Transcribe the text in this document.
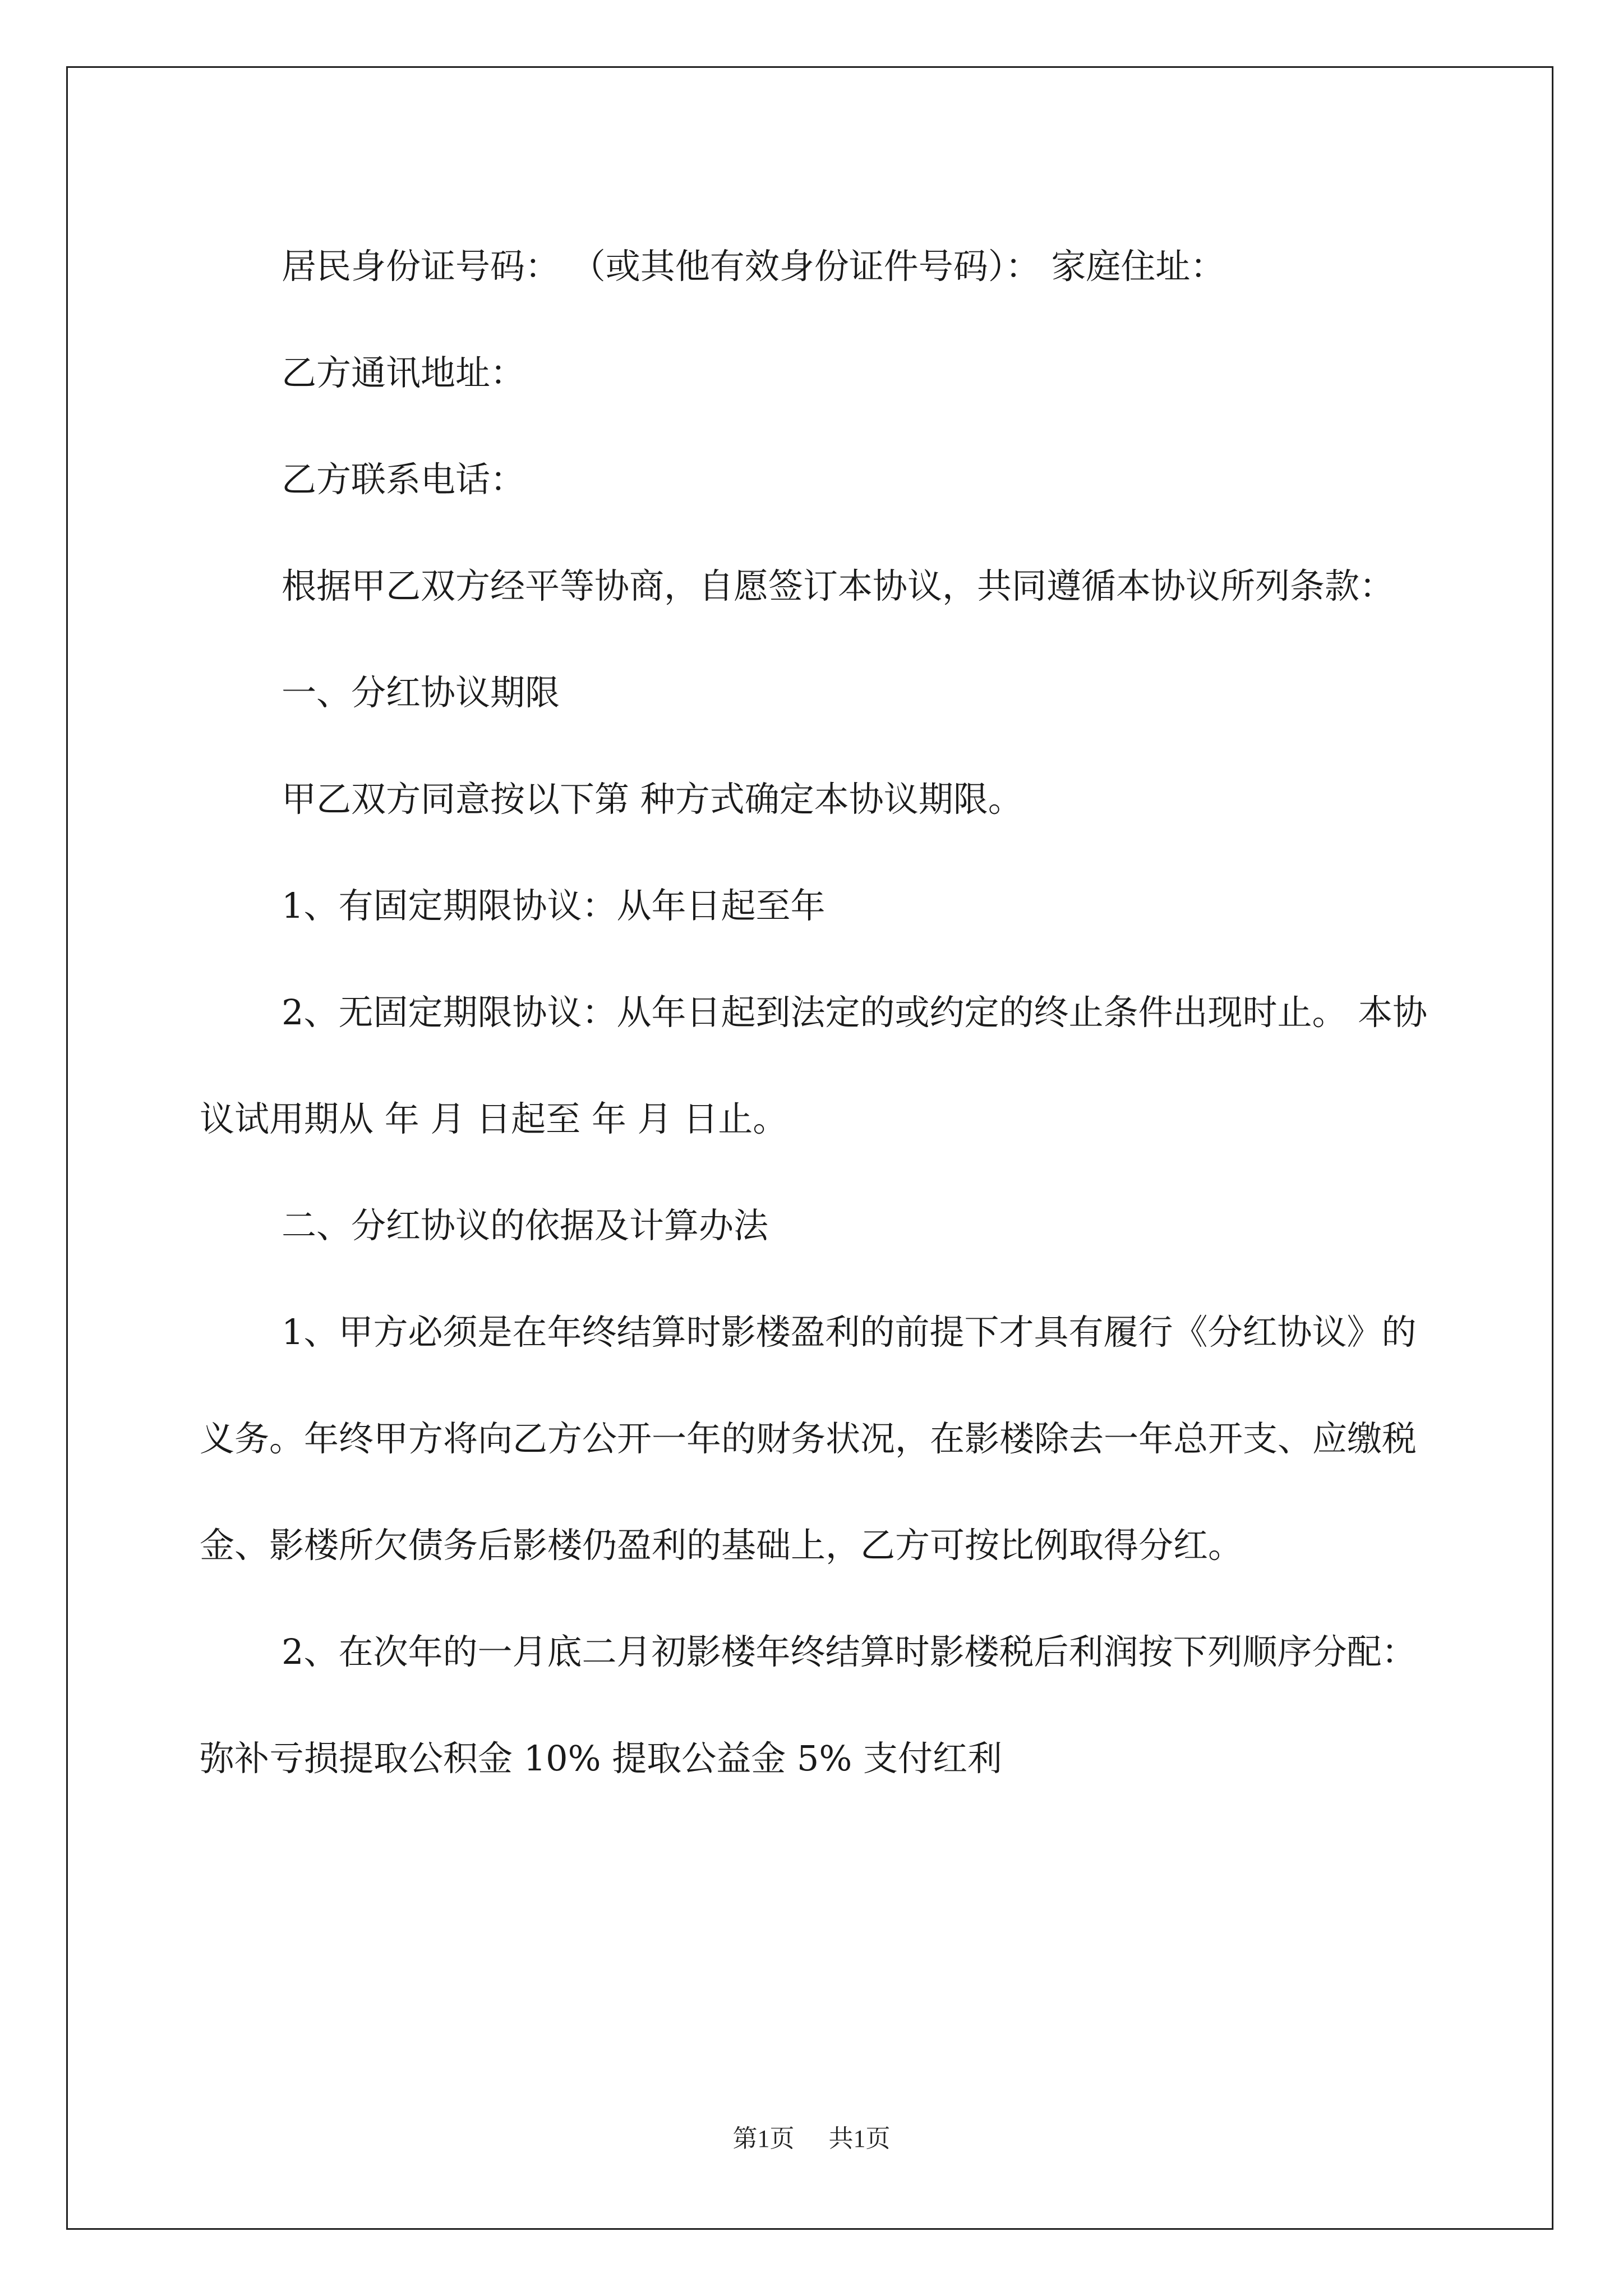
居民身份证号码： （或其他有效身份证件号码）： 家庭住址：

乙方通讯地址：

乙方联系电话：

根据甲乙双方经平等协商，自愿签订本协议，共同遵循本协议所列条款：

一、分红协议期限

甲乙双方同意按以下第 种方式确定本协议期限。

1、有固定期限协议：从年日起至年

2、无固定期限协议：从年日起到法定的或约定的终止条件出现时止。 本协议试用期从 年 月 日起至 年 月 日止。

二、分红协议的依据及计算办法

1、甲方必须是在年终结算时影楼盈利的前提下才具有履行《分红协议》的义务。年终甲方将向乙方公开一年的财务状况，在影楼除去一年总开支、应缴税金、影楼所欠债务后影楼仍盈利的基础上，乙方可按比例取得分红。

2、在次年的一月底二月初影楼年终结算时影楼税后利润按下列顺序分配： 弥补亏损提取公积金 10% 提取公益金 5% 支付红利

第1页 共1页
